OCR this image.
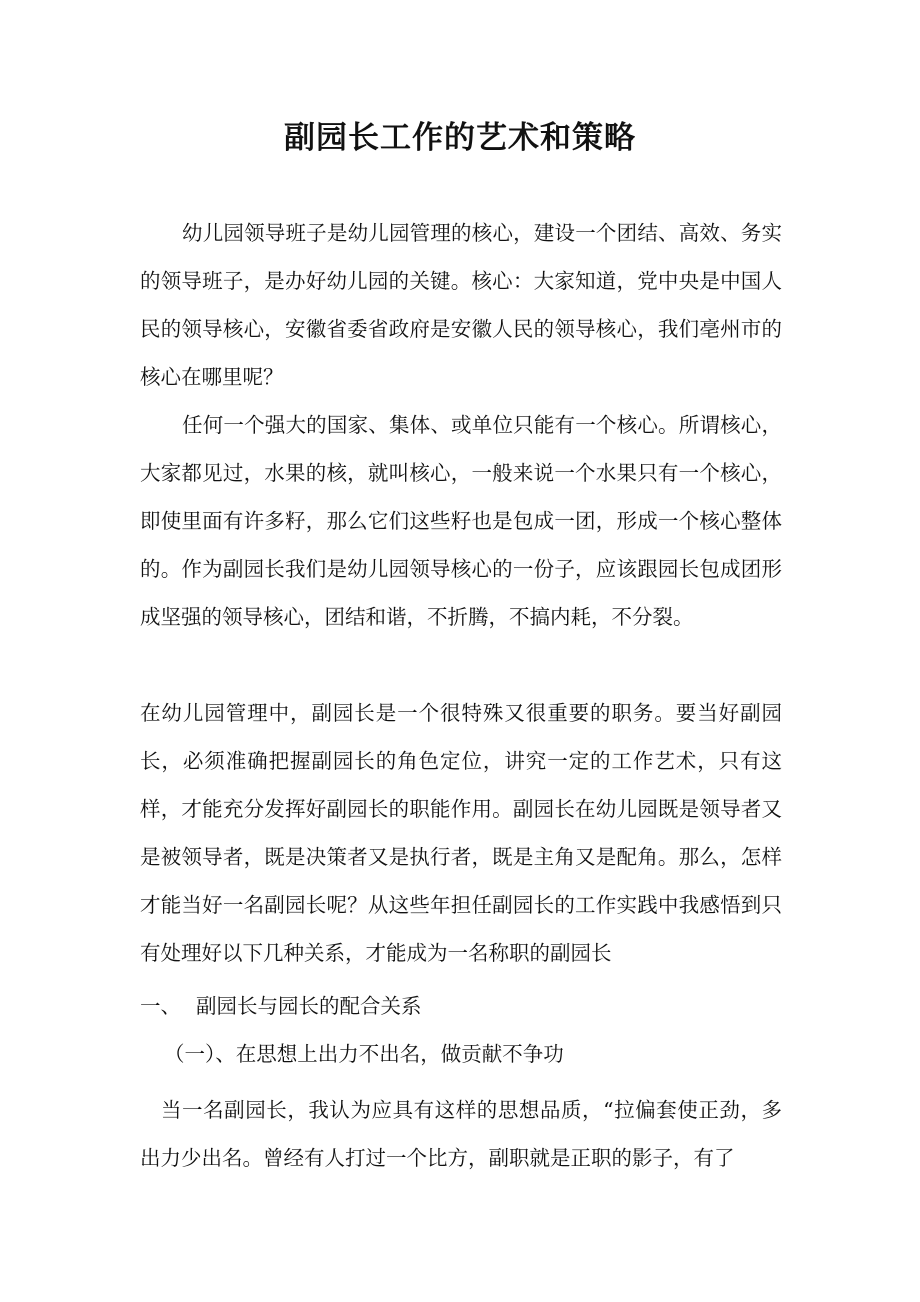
副园长工作的艺术和策略

幼儿园领导班子是幼儿园管理的核心，建设一个团结、高效、务实的领导班子，是办好幼儿园的关键。核心：大家知道，党中央是中国人民的领导核心，安徽省委省政府是安徽人民的领导核心，我们亳州市的核心在哪里呢？

任何一个强大的国家、集体、或单位只能有一个核心。所谓核心，大家都见过，水果的核，就叫核心，一般来说一个水果只有一个核心，即使里面有许多籽，那么它们这些籽也是包成一团，形成一个核心整体的。作为副园长我们是幼儿园领导核心的一份子，应该跟园长包成团形成坚强的领导核心，团结和谐，不折腾，不搞内耗，不分裂。

在幼儿园管理中，副园长是一个很特殊又很重要的职务。要当好副园长，必须准确把握副园长的角色定位，讲究一定的工作艺术，只有这样，才能充分发挥好副园长的职能作用。副园长在幼儿园既是领导者又是被领导者，既是决策者又是执行者，既是主角又是配角。那么，怎样才能当好一名副园长呢？从这些年担任副园长的工作实践中我感悟到只有处理好以下几种关系，才能成为一名称职的副园长

一、 副园长与园长的配合关系
（一）、在思想上出力不出名，做贡献不争功

当一名副园长，我认为应具有这样的思想品质，“拉偏套使正劲，多出力少出名。曾经有人打过一个比方，副职就是正职的影子，有了
